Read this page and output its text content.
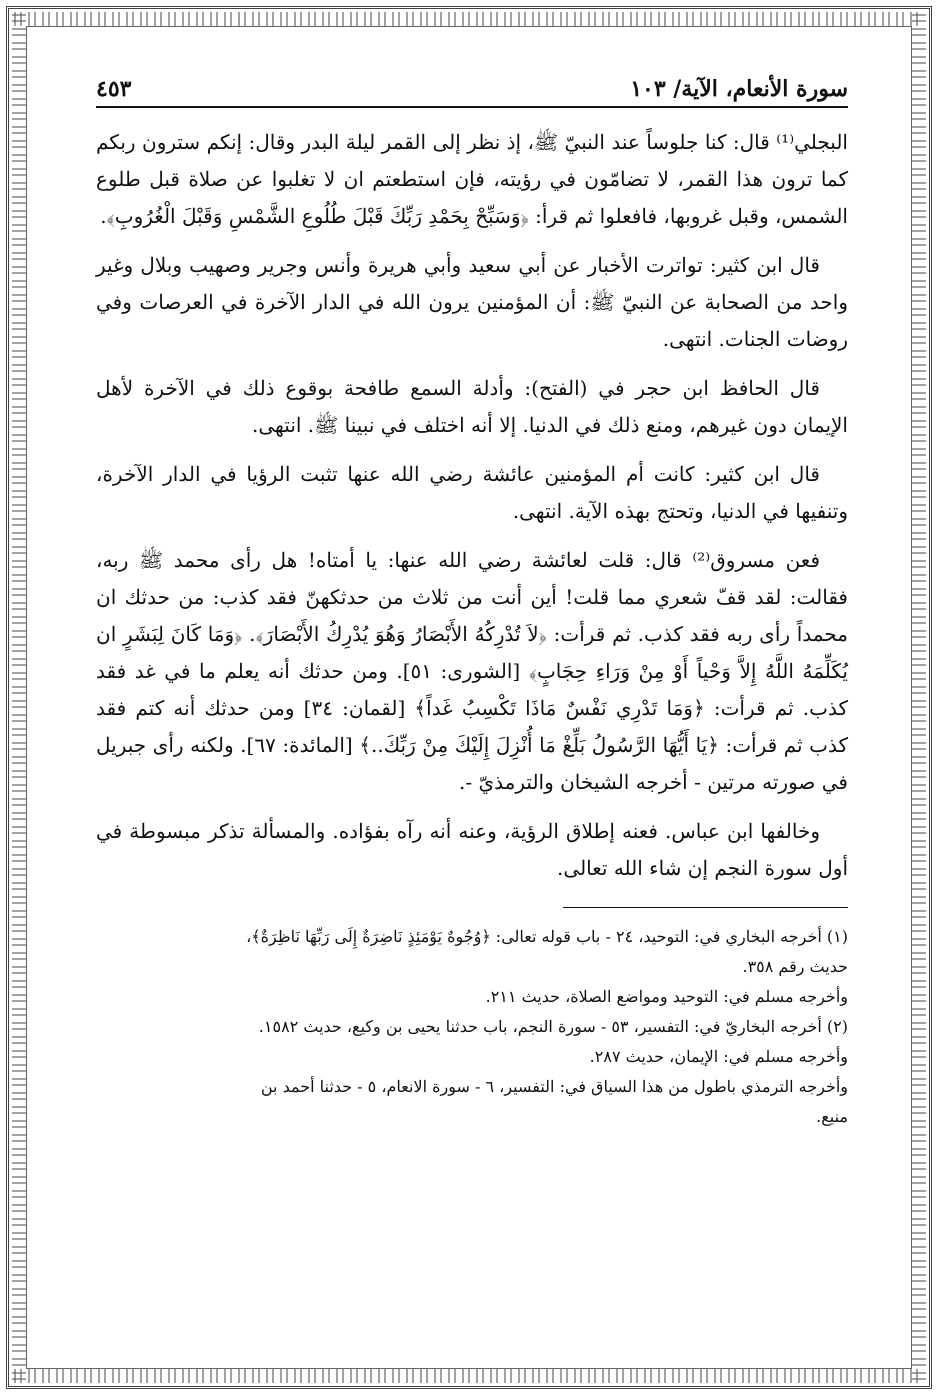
سورة الأنعام، الآية/ ١٠٣
٤٥٣

البجلي⁽¹⁾ قال: كنا جلوساً عند النبيّ ﷺ، إذ نظر إلى القمر ليلة البدر وقال: إنكم سترون ربكم كما ترون هذا القمر، لا تضامّون في رؤيته، فإن استطعتم ان لا تغلبوا عن صلاة قبل طلوع الشمس، وقبل غروبها، فافعلوا ثم قرأ: ﴿وَسَبِّحْ بِحَمْدِ رَبِّكَ قَبْلَ طُلُوعِ الشَّمْسِ وَقَبْلَ الْغُرُوبِ﴾.

قال ابن كثير: تواترت الأخبار عن أبي سعيد وأبي هريرة وأنس وجرير وصهيب وبلال وغير واحد من الصحابة عن النبيّ ﷺ: أن المؤمنين يرون الله في الدار الآخرة في العرصات وفي روضات الجنات. انتهى.

قال الحافظ ابن حجر في (الفتح): وأدلة السمع طافحة بوقوع ذلك في الآخرة لأهل الإيمان دون غيرهم، ومنع ذلك في الدنيا. إلا أنه اختلف في نبينا ﷺ. انتهى.

قال ابن كثير: كانت أم المؤمنين عائشة رضي الله عنها تثبت الرؤيا في الدار الآخرة، وتنفيها في الدنيا، وتحتج بهذه الآية. انتهى.

فعن مسروق⁽²⁾ قال: قلت لعائشة رضي الله عنها: يا أمتاه! هل رأى محمد ﷺ ربه، فقالت: لقد قفّ شعري مما قلت! أين أنت من ثلاث من حدثكهنّ فقد كذب: من حدثك ان محمداً رأى ربه فقد كذب. ثم قرأت: ﴿لاَ تُدْرِكُهُ الأَبْصَارُ وَهُوَ يُدْرِكُ الأَبْصَارَ﴾. ﴿وَمَا كَانَ لِبَشَرٍ ان يُكَلِّمَهُ اللَّهُ إِلاَّ وَحْياً أَوْ مِنْ وَرَاءِ حِجَابٍ﴾ [الشورى: ٥١]. ومن حدثك أنه يعلم ما في غد فقد كذب. ثم قرأت: ﴿وَمَا تَدْرِي نَفْسٌ مَاذَا تَكْسِبُ غَداً﴾ [لقمان: ٣٤] ومن حدثك أنه كتم فقد كذب ثم قرأت: ﴿يَا أَيُّهَا الرَّسُولُ بَلِّغْ مَا أُنْزِلَ إِلَيْكَ مِنْ رَبِّكَ..﴾ [المائدة: ٦٧]. ولكنه رأى جبريل في صورته مرتين - أخرجه الشيخان والترمذيّ -.

وخالفها ابن عباس. فعنه إطلاق الرؤية، وعنه أنه رآه بفؤاده. والمسألة تذكر مبسوطة في أول سورة النجم إن شاء الله تعالى.

(١) أخرجه البخاري في: التوحيد، ٢٤ - باب قوله تعالى: ﴿وُجُوهٌ يَوْمَئِذٍ نَاضِرَةٌ إِلَى رَبِّهَا نَاظِرَةٌ﴾،

حديث رقم ٣٥٨.

وأخرجه مسلم في: التوحيد ومواضع الصلاة، حديث ٢١١.

(٢) أخرجه البخاريّ في: التفسير، ٥٣ - سورة النجم، باب حدثنا يحيى بن وكيع، حديث ١٥٨٢.

وأخرجه مسلم في: الإيمان، حديث ٢٨٧.

وأخرجه الترمذي باطول من هذا السياق في: التفسير، ٦ - سورة الانعام، ٥ - حدثنا أحمد بن

منيع.
